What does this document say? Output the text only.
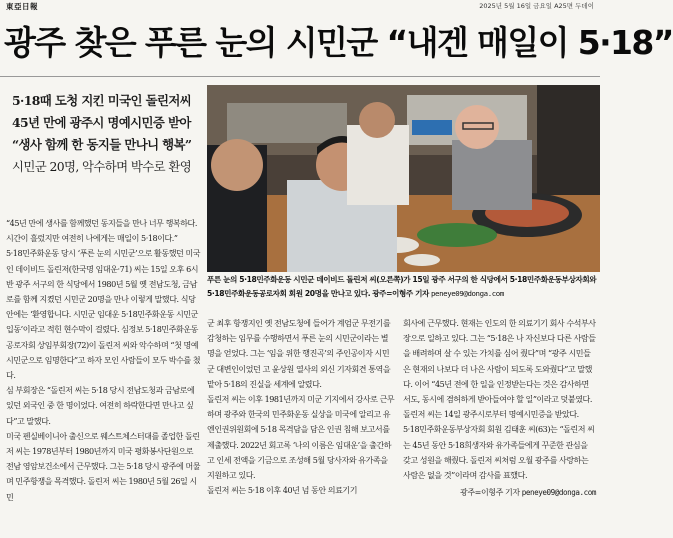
東亞日報	2025년 5월 16일 금요일 A25면 두데이
광주 찾은 푸른 눈의 시민군 “내겐 매일이 5·18”
5·18때 도청 지킨 미국인 돌린저씨
45년 만에 광주시 명예시민증 받아
“생사 함께 한 동지들 만나니 행복”
시민군 20명, 악수하며 박수로 환영
푸른 눈의 5·18민주화운동 시민군 데이비드 돌린저 씨(오른쪽)가 15일 광주 서구의 한 식당에서 5·18민주화운동부상자회와 5·18민주화운동공로자회 회원 20명을 만나고 있다. 광주=이형주 기자 peneye09@donga.com

“45년 만에 생사를 함께했던 동지들을 만나 너무 행복하다. 시간이 흘렀지만 여전히 나에게는 매일이 5·18이다.”

5·18민주화운동 당시 ‘푸른 눈의 시민군’으로 활동했던 미국인 데이비드 돌린저(한국명 임대운·71) 씨는 15일 오후 6시 반 광주 서구의 한 식당에서 1980년 5월 옛 전남도청, 금남로를 함께 지켰던 시민군 20명을 만나 이렇게 말했다. 식당 안에는 ‘환영합니다. 시민군 임대운 5·18민주화운동 시민군 입동’이라고 적힌 현수막이 걸렸다. 심정보 5·18민주화운동공로자회 상임부회장(72)이 돌린저 씨와 악수하며 “첫 명예 시민군으로 임명한다”고 하자 모인 사람들이 모두 박수를 쳤다.

심 부회장은 “돌린저 씨는 5·18 당시 전남도청과 금남로에 있던 외국인 중 한 명이었다. 여전히 하락한다면 만나고 싶다”고 말했다.

미국 펜실베이니아 출신으로 웨스트체스터대를 졸업한 돌린저 씨는 1978년부터 1980년까지 미국 평화봉사단원으로 전남 영암보건소에서 근무했다. 그는 5·18 당시 광주에 머물며 민주항쟁을 목격했다. 돌린저 씨는 1980년 5월 26일 시민

군 최후 항쟁지인 옛 전남도청에 들어가 계엄군 무전기를 감청하는 임무를 수행하면서 푸른 눈의 시민군이라는 별명을 얻었다. 그는 ‘임을 위한 행진곡’의 주인공이자 시민군 대변인이었던 고 윤상원 열사의 외신 기자회견 통역을 맡아 5·18의 진실을 세계에 알렸다.

돌린저 씨는 이후 1981년까지 미군 기지에서 강사로 근무하며 광주와 한국의 민주화운동 실상을 미국에 알리고 유엔인권위원회에 5·18 목격담을 담은 인권 침해 보고서를 제출했다. 2022년 회고록 ‘나의 이름은 임대운’을 출간하고 인세 전액을 기금으로 조성해 5월 당사자와 유가족을 지원하고 있다.

돌린저 씨는 5·18 이후 40년 넘 동안 의료기기

회사에 근무했다. 현재는 인도의 한 의료기기 회사 수석부사장으로 일하고 있다. 그는 “5·18은 나 자신보다 다른 사람들을 배려하며 살 수 있는 가치를 심어 줬다”며 “광주 시민들은 현재의 나보다 더 나은 사람이 되도록 도와줬다”고 말했다. 이어 “45년 전에 한 일을 인정받는다는 것은 감사하면서도, 동시에 겸허하게 받아들여야 할 일”이라고 덧붙였다.

돌린저 씨는 14일 광주시로부터 명예시민증을 받았다. 5·18민주화운동부상자회 회원 김태훈 씨(63)는 “돌린저 씨는 45년 동안 5·18희생자와 유가족들에게 꾸준한 관심을 갖고 성원을 해줬다. 돌린저 씨처럼 오월 광주를 사랑하는 사람은 없을 것”이라며 감사를 표했다.

광주=이형주 기자 peneye09@donga.com
